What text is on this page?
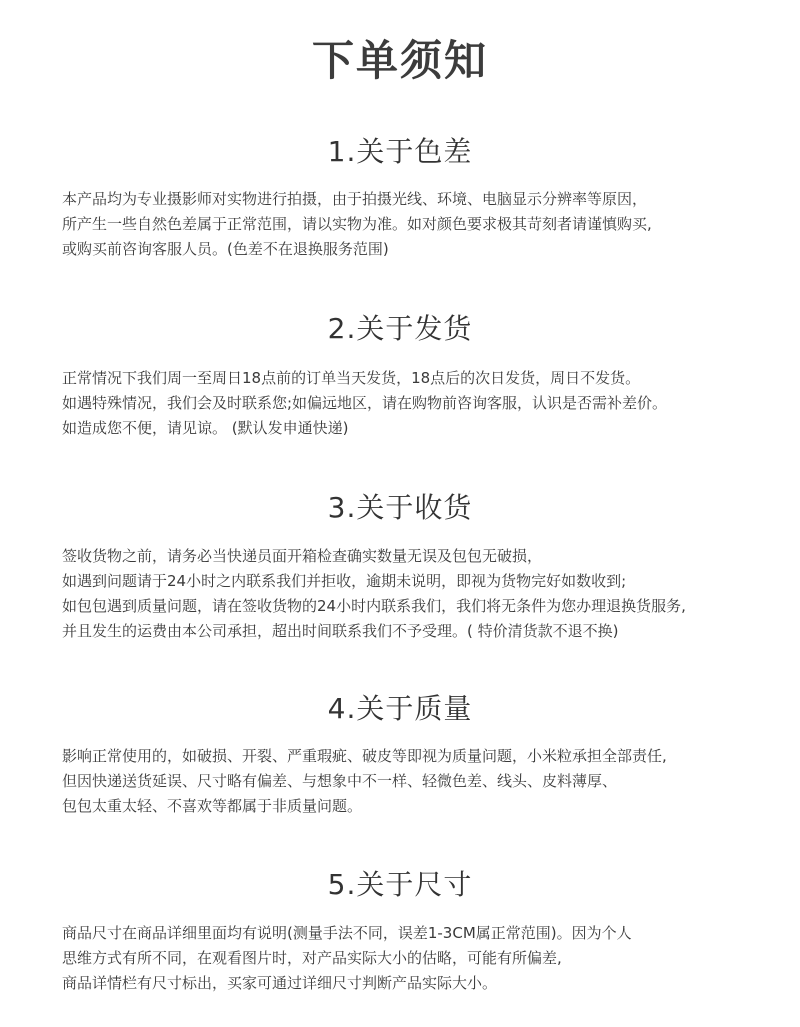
下单须知
1.关于色差
本产品均为专业摄影师对实物进行拍摄，由于拍摄光线、环境、电脑显示分辨率等原因，
所产生一些自然色差属于正常范围，请以实物为准。如对颜色要求极其苛刻者请谨慎购买,
或购买前咨询客服人员。(色差不在退换服务范围)
2.关于发货
正常情况下我们周一至周日18点前的订单当天发货，18点后的次日发货，周日不发货。
如遇特殊情况，我们会及时联系您;如偏远地区，请在购物前咨询客服，认识是否需补差价。
如造成您不便，请见谅。 (默认发申通快递)
3.关于收货
签收货物之前，请务必当快递员面开箱检查确实数量无误及包包无破损，
如遇到问题请于24小时之内联系我们并拒收，逾期未说明，即视为货物完好如数收到;
如包包遇到质量问题，请在签收货物的24小时内联系我们，我们将无条件为您办理退换货服务,
并且发生的运费由本公司承担，超出时间联系我们不予受理。( 特价清货款不退不换)
4.关于质量
影响正常使用的，如破损、开裂、严重瑕疵、破皮等即视为质量问题，小米粒承担全部责任,
但因快递送货延误、尺寸略有偏差、与想象中不一样、轻微色差、线头、皮料薄厚、
包包太重太轻、不喜欢等都属于非质量问题。
5.关于尺寸
商品尺寸在商品详细里面均有说明(测量手法不同，误差1-3CM属正常范围)。因为个人
思维方式有所不同，在观看图片时，对产品实际大小的估略，可能有所偏差,
商品详情栏有尺寸标出，买家可通过详细尺寸判断产品实际大小。
